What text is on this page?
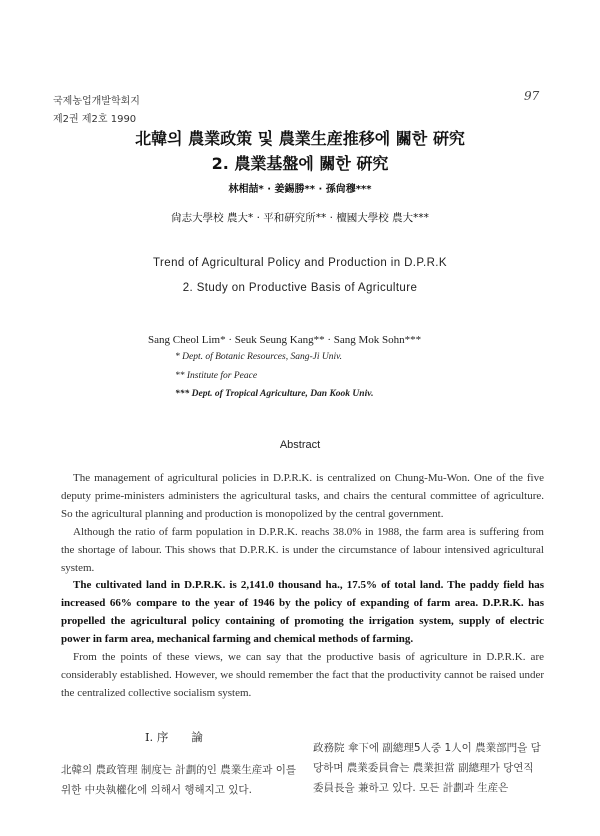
국제농업개발학회지
제2권 제2호 1990
97
北韓의 農業政策 및 農業生産推移에 關한 硏究
2. 農業基盤에 關한 硏究
林相喆* · 姜錫勝** · 孫尙穆***
尙志大學校 農大* · 平和硏究所** · 檀國大學校 農大***
Trend of Agricultural Policy and Production in D.P.R.K
2. Study on Productive Basis of Agriculture
Sang Cheol Lim* · Seuk Seung Kang** · Sang Mok Sohn***
* Dept. of Botanic Resources, Sang-Ji Univ.
** Institute for Peace
*** Dept. of Tropical Agriculture, Dan Kook Univ.
Abstract

The management of agricultural policies in D.P.R.K. is centralized on Chung-Mu-Won. One of the five deputy prime-ministers administers the agricultural tasks, and chairs the centural committee of agriculture. So the agricultural planning and production is monopolized by the central government.

Although the ratio of farm population in D.P.R.K. reachs 38.0% in 1988, the farm area is suffering from the shortage of labour. This shows that D.P.R.K. is under the circumstance of labour intensived agricultural system.

The cultivated land in D.P.R.K. is 2,141.0 thousand ha., 17.5% of total land. The paddy field has increased 66% compare to the year of 1946 by the policy of expanding of farm area. D.P.R.K. has propelled the agricultural policy containing of promoting the irrigation system, supply of electric power in farm area, mechanical farming and chemical methods of farming.

From the points of these views, we can say that the productive basis of agriculture in D.P.R.K. are considerably established. However, we should remember the fact that the productivity cannot be raised under the centralized collective socialism system.

Ⅰ. 序　　論
北韓의 農政管理 制度는 計劃的인 農業生産과 이를위한 中央執權化에 의해서 행해지고 있다.
政務院 傘下에 副總理5人중 1人이 農業部門을 담당하며 農業委員會는 農業担當 副總理가 당연직 委員長을 兼하고 있다. 모든 計劃과 生産은
